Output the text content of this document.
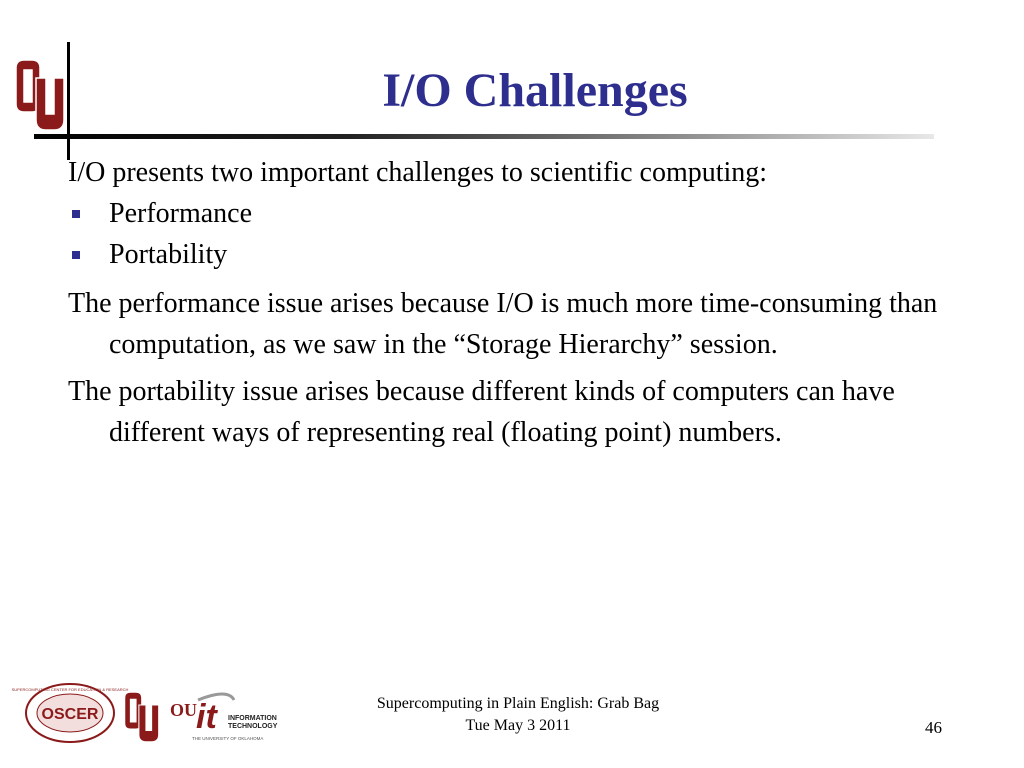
I/O Challenges

I/O presents two important challenges to scientific computing:

Performance

Portability

The performance issue arises because I/O is much more time-consuming than computation, as we saw in the “Storage Hierarchy” session.

The portability issue arises because different kinds of computers can have different ways of representing real (floating point) numbers.

OSCER
SUPERCOMPUTING CENTER FOR EDUCATION & RESEARCH
OU it INFORMATION
TECHNOLOGY
THE UNIVERSITY OF OKLAHOMA
Supercomputing in Plain English: Grab Bag
Tue May 3 2011	46
